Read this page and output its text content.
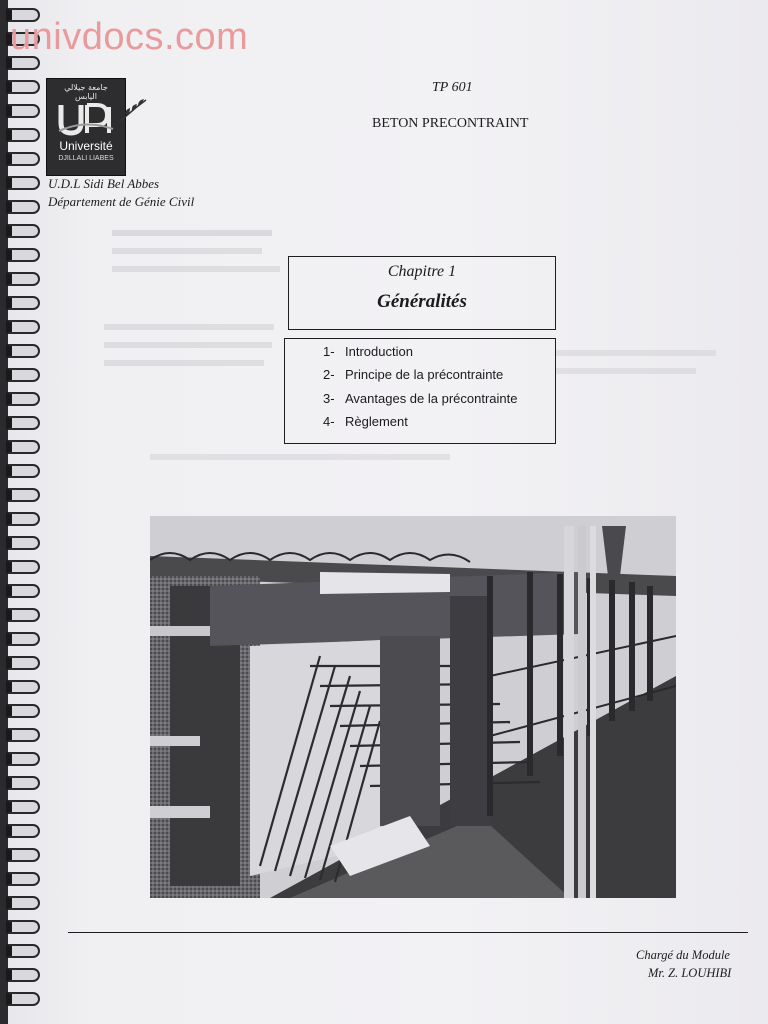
univdocs.com
جامعة جيلالي اليابس
Université
DJILLALI LIABES
U.D.L Sidi Bel Abbes
Département de Génie Civil
TP 601
BETON PRECONTRAINT
Chapitre 1
Généralités
1- Introduction
2- Principe de la précontrainte
3- Avantages de la précontrainte
4- Règlement
Chargé du Module
Mr. Z. LOUHIBI
